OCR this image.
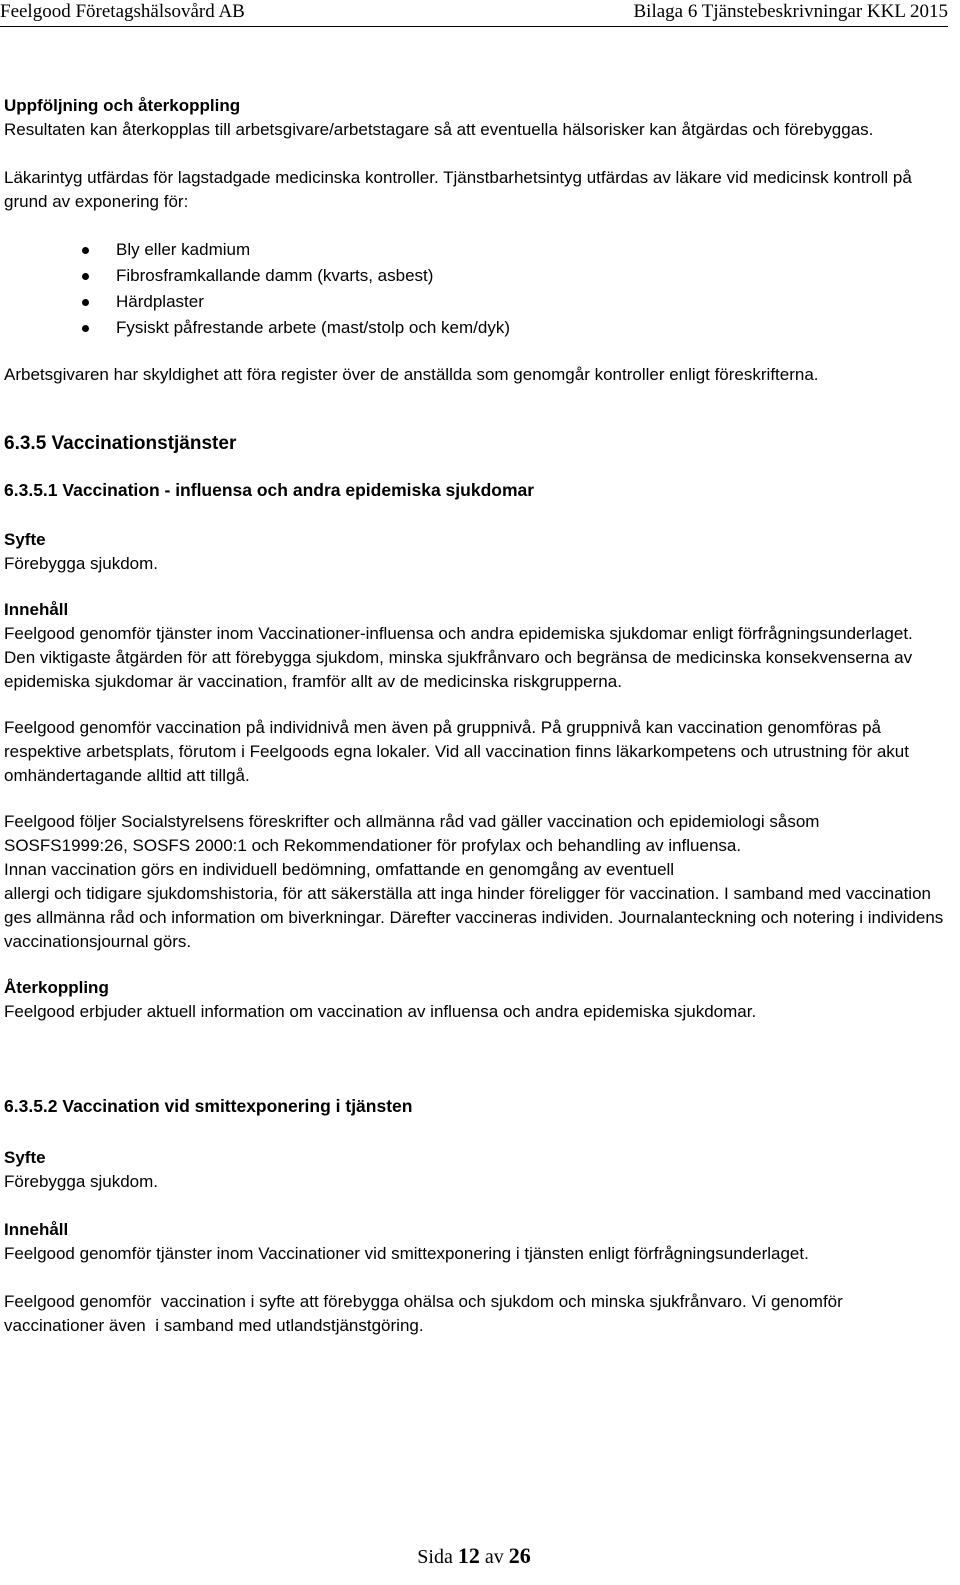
Feelgood Företagshälsovård AB	Bilaga 6 Tjänstebeskrivningar KKL 2015

Uppföljning och återkoppling

Resultaten kan återkopplas till arbetsgivare/arbetstagare så att eventuella hälsorisker kan åtgärdas och förebyggas.

Läkarintyg utfärdas för lagstadgade medicinska kontroller. Tjänstbarhetsintyg utfärdas av läkare vid medicinsk kontroll på grund av exponering för:

Bly eller kadmium
Fibrosframkallande damm (kvarts, asbest)
Härdplaster
Fysiskt påfrestande arbete (mast/stolp och kem/dyk)

Arbetsgivaren har skyldighet att föra register över de anställda som genomgår kontroller enligt föreskrifterna.

6.3.5 Vaccinationstjänster

6.3.5.1 Vaccination - influensa och andra epidemiska sjukdomar

Syfte

Förebygga sjukdom.

Innehåll

Feelgood genomför tjänster inom Vaccinationer-influensa och andra epidemiska sjukdomar enligt förfrågningsunderlaget. Den viktigaste åtgärden för att förebygga sjukdom, minska sjukfrånvaro och begränsa de medicinska konsekvenserna av epidemiska sjukdomar är vaccination, framför allt av de medicinska riskgrupperna.

Feelgood genomför vaccination på individnivå men även på gruppnivå. På gruppnivå kan vaccination genomföras på respektive arbetsplats, förutom i Feelgoods egna lokaler. Vid all vaccination finns läkarkompetens och utrustning för akut omhändertagande alltid att tillgå.

Feelgood följer Socialstyrelsens föreskrifter och allmänna råd vad gäller vaccination och epidemiologi såsom SOSFS1999:26, SOSFS 2000:1 och Rekommendationer för profylax och behandling av influensa.

Innan vaccination görs en individuell bedömning, omfattande en genomgång av eventuell

allergi och tidigare sjukdomshistoria, för att säkerställa att inga hinder föreligger för vaccination. I samband med vaccination ges allmänna råd och information om biverkningar. Därefter vaccineras individen. Journalanteckning och notering i individens vaccinationsjournal görs.

Återkoppling

Feelgood erbjuder aktuell information om vaccination av influensa och andra epidemiska sjukdomar.

6.3.5.2 Vaccination vid smittexponering i tjänsten

Syfte

Förebygga sjukdom.

Innehåll

Feelgood genomför tjänster inom Vaccinationer vid smittexponering i tjänsten enligt förfrågningsunderlaget.

Feelgood genomför  vaccination i syfte att förebygga ohälsa och sjukdom och minska sjukfrånvaro. Vi genomför vaccinationer även  i samband med utlandstjänstgöring.

Sida 12 av 26
